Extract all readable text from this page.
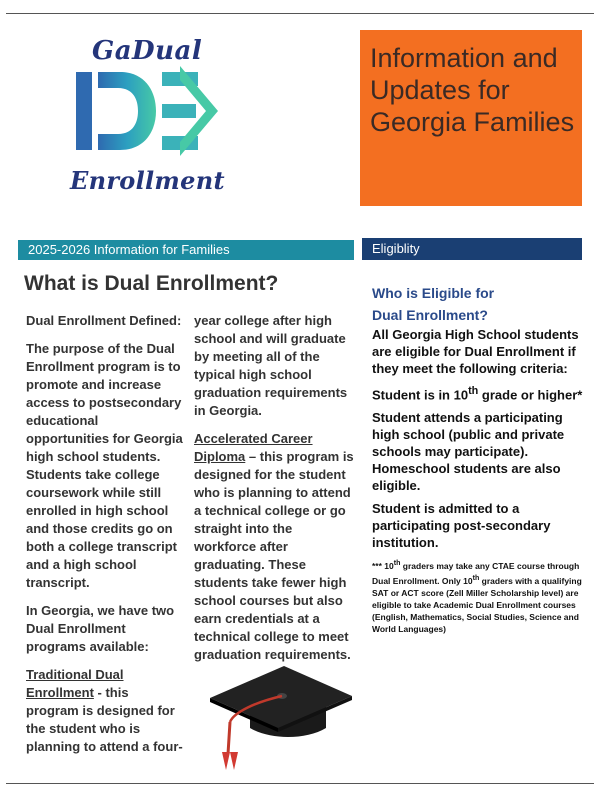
GaDual
Enrollment
Information and Updates for Georgia Families
2025-2026 Information for Families	Eligiblity
What is Dual Enrollment?

Dual Enrollment Defined:

The purpose of the Dual Enrollment program is to promote and increase access to postsecondary educational opportunities for Georgia high school students. Students take college coursework while still enrolled in high school and those credits go on both a college transcript and a high school transcript.

In Georgia, we have two Dual Enrollment programs available:

Traditional Dual Enrollment - this program is designed for the student who is planning to attend a four-

year college after high school and will graduate by meeting all of the typical high school graduation requirements in Georgia.

Accelerated Career Diploma – this program is designed for the student who is planning to attend a technical college or go straight into the workforce after graduating. These students take fewer high school courses but also earn credentials at a technical college to meet graduation requirements.

Who is Eligible for
Dual Enrollment?

All Georgia High School students are eligible for Dual Enrollment if they meet the following criteria:

Student is in 10th grade or higher*

Student attends a participating high school (public and private schools may participate). Homeschool students are also eligible.

Student is admitted to a participating post-secondary institution.

*** 10th graders may take any CTAE course through Dual Enrollment. Only 10th graders with a qualifying SAT or ACT score (Zell Miller Scholarship level) are eligible to take Academic Dual Enrollment courses (English, Mathematics, Social Studies, Science and World Languages)
